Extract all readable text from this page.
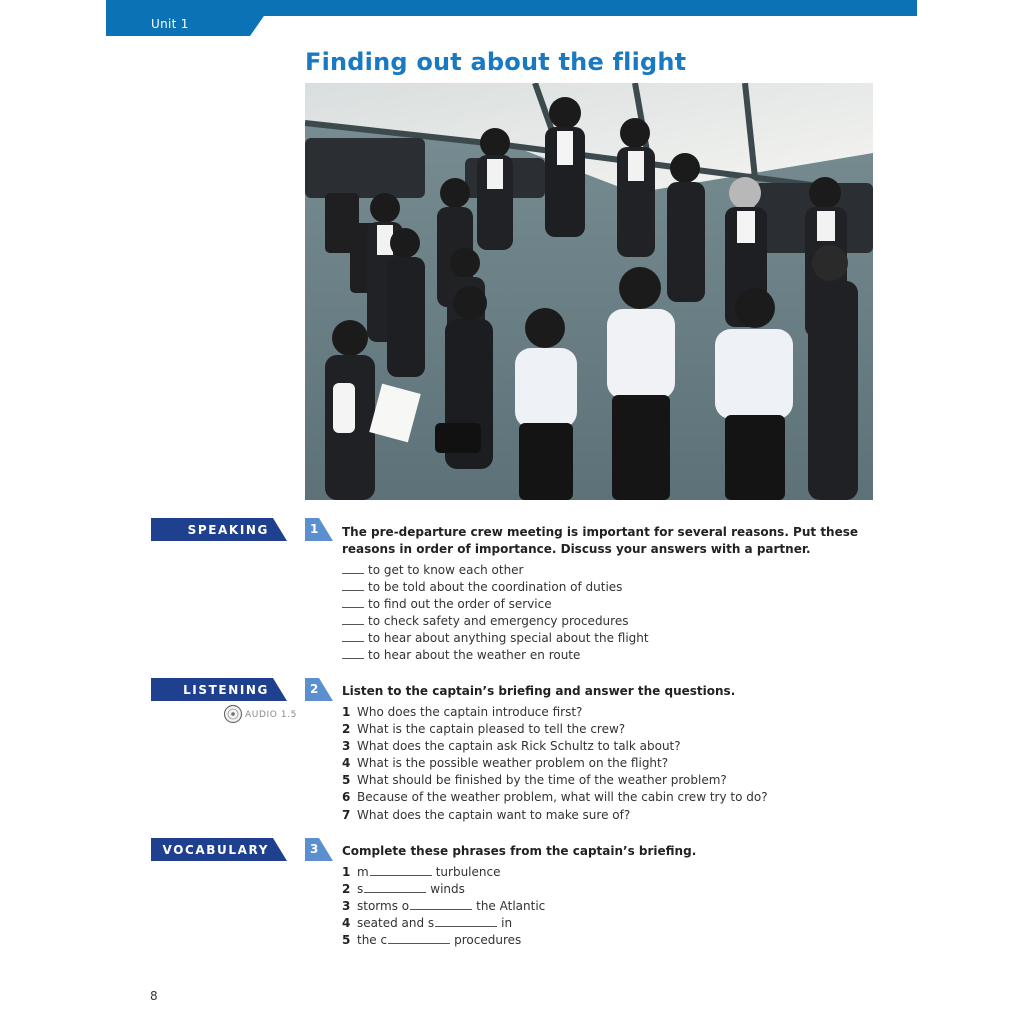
Unit 1
Finding out about the flight
SPEAKING	1 The pre-departure crew meeting is important for several reasons. Put these reasons in order of importance. Discuss your answers with a partner.

to get to know each other
to be told about the coordination of duties
to find out the order of service
to check safety and emergency procedures
to hear about anything special about the flight
to hear about the weather en route
LISTENING
AUDIO 1.5
2 Listen to the captain’s briefing and answer the questions.

1 Who does the captain introduce first?
2 What is the captain pleased to tell the crew?
3 What does the captain ask Rick Schultz to talk about?
4 What is the possible weather problem on the flight?
5 What should be finished by the time of the weather problem?
6 Because of the weather problem, what will the cabin crew try to do?
7 What does the captain want to make sure of?
VOCABULARY	3 Complete these phrases from the captain’s briefing.

1 m	turbulence
2 s	winds
3 storms o	the Atlantic
4 seated and s	in
5 the c	procedures
8
